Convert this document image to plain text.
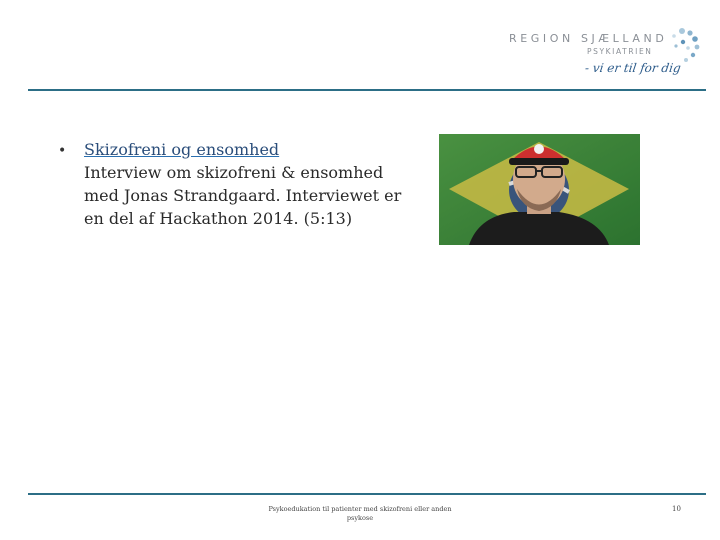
REGION SJÆLLAND
PSYKIATRIEN
- vi er til for dig
• Skizofreni og ensomhed
Interview om skizofreni & ensomhed med Jonas Strandgaard. Interviewet er en del af Hackathon 2014. (5:13)
Psykoedukation til patienter med skizofreni eller anden psykose
10
